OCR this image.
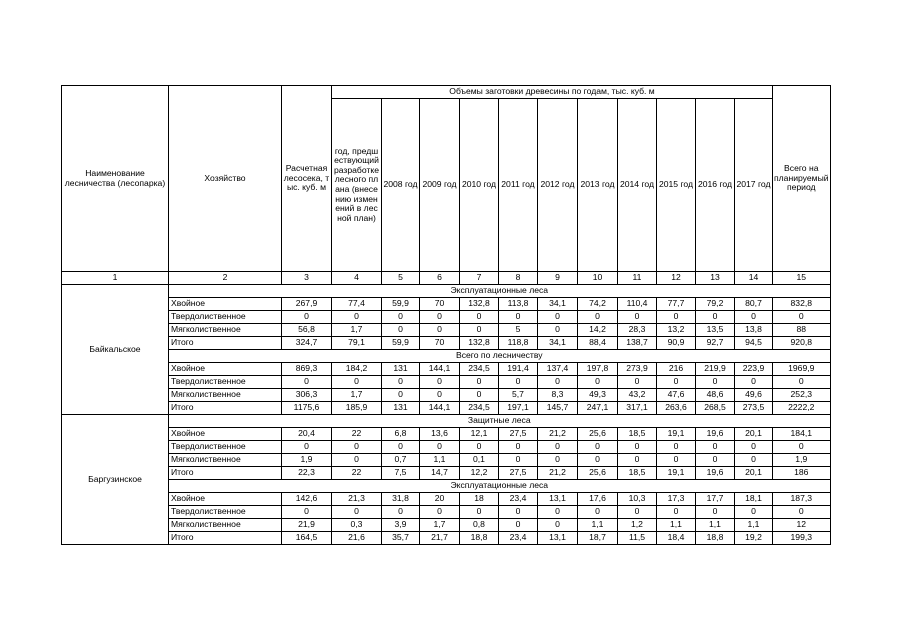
Наименование лесничества (лесопарка)	Хозяйство	Расчетная лесосека, тыс. куб. м	Объемы заготовки древесины по годам, тыс. куб. м											Всего на планируемый период
			год, предшествующий разработке лесного плана (внесению изменений в лесной план)	2008 год	2009 год	2010 год	2011 год	2012 год	2013 год	2014 год	2015 год	2016 год	2017 год	
1	2	3	4	5	6	7	8	9	10	11	12	13	14	15
Байкальское	Эксплуатационные леса													
	Хвойное	267,9	77,4	59,9	70	132,8	113,8	34,1	74,2	110,4	77,7	79,2	80,7	832,8
	Твердолиственное	0	0	0	0	0	0	0	0	0	0	0	0	0
	Мягколиственное	56,8	1,7	0	0	0	5	0	14,2	28,3	13,2	13,5	13,8	88
	Итого	324,7	79,1	59,9	70	132,8	118,8	34,1	88,4	138,7	90,9	92,7	94,5	920,8
	Всего по лесничеству													
	Хвойное	869,3	184,2	131	144,1	234,5	191,4	137,4	197,8	273,9	216	219,9	223,9	1969,9
	Твердолиственное	0	0	0	0	0	0	0	0	0	0	0	0	0
	Мягколиственное	306,3	1,7	0	0	0	5,7	8,3	49,3	43,2	47,6	48,6	49,6	252,3
	Итого	1175,6	185,9	131	144,1	234,5	197,1	145,7	247,1	317,1	263,6	268,5	273,5	2222,2
Баргузинское	Защитные леса													
	Хвойное	20,4	22	6,8	13,6	12,1	27,5	21,2	25,6	18,5	19,1	19,6	20,1	184,1
	Твердолиственное	0	0	0	0	0	0	0	0	0	0	0	0	0
	Мягколиственное	1,9	0	0,7	1,1	0,1	0	0	0	0	0	0	0	1,9
	Итого	22,3	22	7,5	14,7	12,2	27,5	21,2	25,6	18,5	19,1	19,6	20,1	186
	Эксплуатационные леса													
	Хвойное	142,6	21,3	31,8	20	18	23,4	13,1	17,6	10,3	17,3	17,7	18,1	187,3
	Твердолиственное	0	0	0	0	0	0	0	0	0	0	0	0	0
	Мягколиственное	21,9	0,3	3,9	1,7	0,8	0	0	1,1	1,2	1,1	1,1	1,1	12
	Итого	164,5	21,6	35,7	21,7	18,8	23,4	13,1	18,7	11,5	18,4	18,8	19,2	199,3
